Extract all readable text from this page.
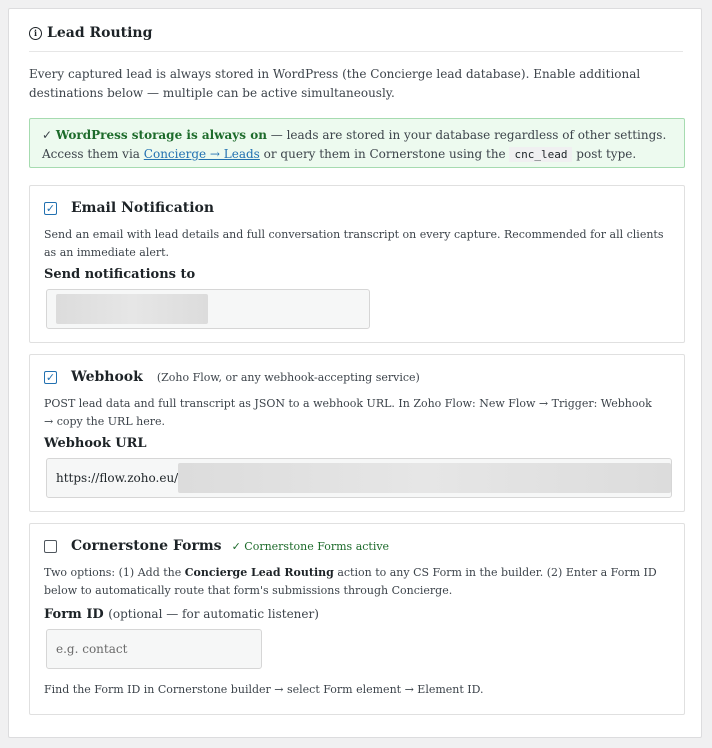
i Lead Routing
Every captured lead is always stored in WordPress (the Concierge lead database). Enable additional destinations below — multiple can be active simultaneously.
✓ WordPress storage is always on — leads are stored in your database regardless of other settings. Access them via Concierge → Leads or query them in Cornerstone using the cnc_lead post type.
✓ Email Notification
Send an email with lead details and full conversation transcript on every capture. Recommended for all clients as an immediate alert.
Send notifications to
✓ Webhook (Zoho Flow, or any webhook-accepting service)
POST lead data and full transcript as JSON to a webhook URL. In Zoho Flow: New Flow → Trigger: Webhook → copy the URL here.
Webhook URL
https://flow.zoho.eu/
Cornerstone Forms ✓ Cornerstone Forms active
Two options: (1) Add the Concierge Lead Routing action to any CS Form in the builder. (2) Enter a Form ID below to automatically route that form's submissions through Concierge.
Form ID (optional — for automatic listener)
e.g. contact
Find the Form ID in Cornerstone builder → select Form element → Element ID.
